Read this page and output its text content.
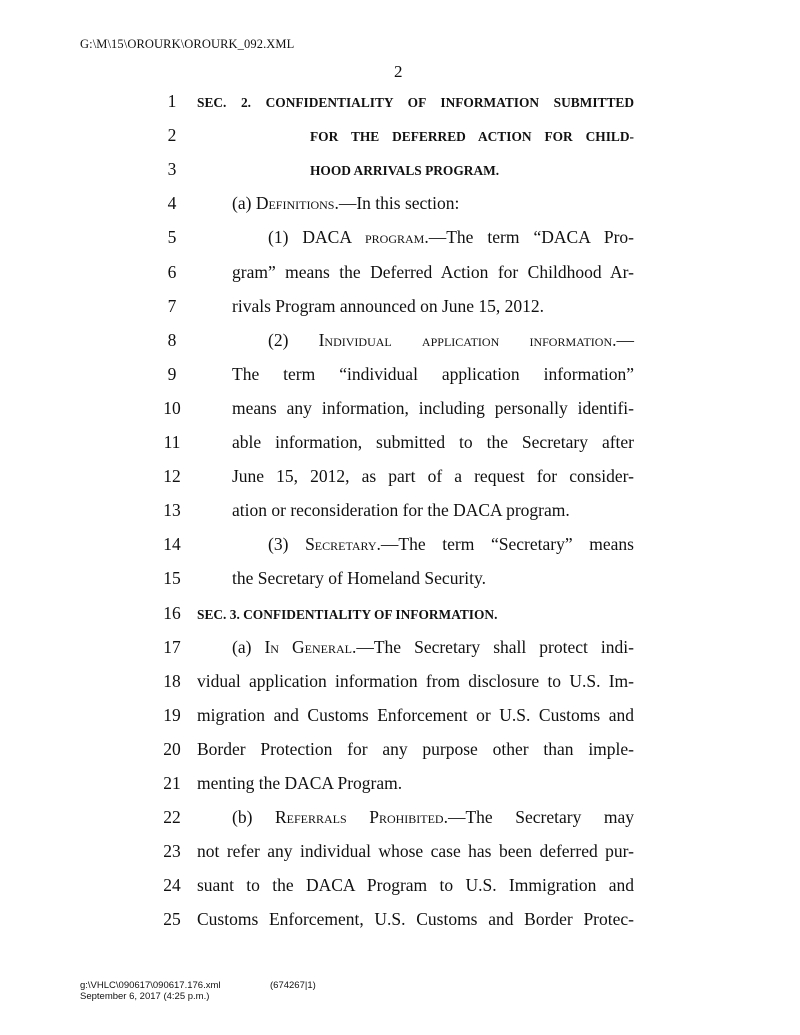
G:\M\15\OROURK\OROURK_092.XML
2
1	SEC. 2. CONFIDENTIALITY OF INFORMATION SUBMITTED
2	FOR THE DEFERRED ACTION FOR CHILD-
3	HOOD ARRIVALS PROGRAM.
4	(a) Definitions.—In this section:
5	(1) DACA program.—The term “DACA Pro-
6	gram” means the Deferred Action for Childhood Ar-
7	rivals Program announced on June 15, 2012.
8	(2) Individual application information.—
9	The term “individual application information”
10	means any information, including personally identifi-
11	able information, submitted to the Secretary after
12	June 15, 2012, as part of a request for consider-
13	ation or reconsideration for the DACA program.
14	(3) Secretary.—The term “Secretary” means
15	the Secretary of Homeland Security.
16 SEC. 3. CONFIDENTIALITY OF INFORMATION.
17	(a) In General.—The Secretary shall protect indi-
18 vidual application information from disclosure to U.S. Im-
19 migration and Customs Enforcement or U.S. Customs and
20 Border Protection for any purpose other than imple-
21 menting the DACA Program.
22	(b) Referrals Prohibited.—The Secretary may
23 not refer any individual whose case has been deferred pur-
24 suant to the DACA Program to U.S. Immigration and
25 Customs Enforcement, U.S. Customs and Border Protec-
g:\VHLC\090617\090617.176.xml	(674267|1)
September 6, 2017 (4:25 p.m.)
